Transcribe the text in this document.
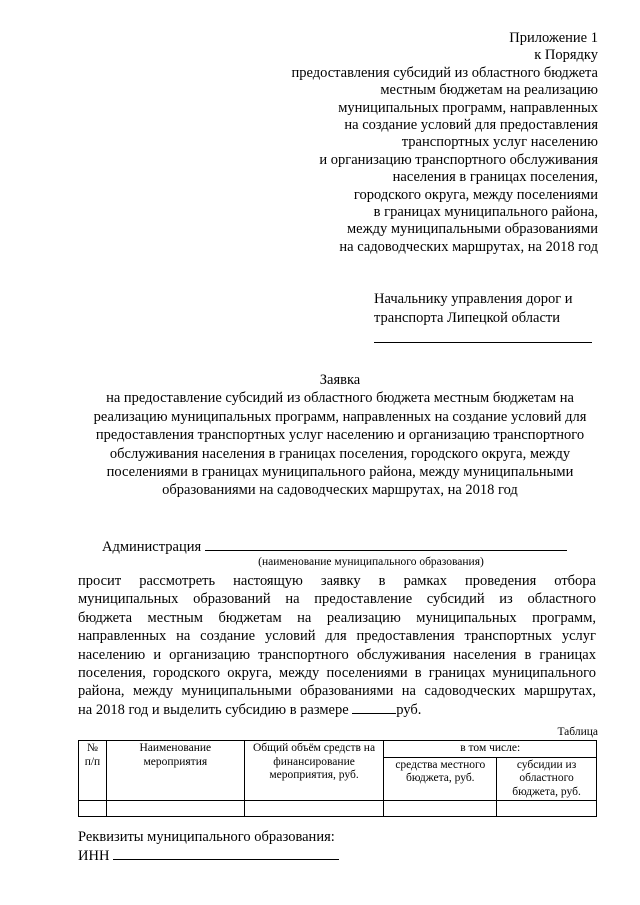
Приложение 1
к Порядку
предоставления субсидий из областного бюджета
местным бюджетам на реализацию
муниципальных программ, направленных
на создание условий для предоставления
транспортных услуг населению
и организацию транспортного обслуживания
населения в границах поселения,
городского округа, между поселениями
в границах муниципального района,
между муниципальными образованиями
на садоводческих маршрутах, на 2018 год
Начальнику управления дорог и
транспорта Липецкой области
Заявка
на предоставление субсидий из областного бюджета местным бюджетам на
реализацию муниципальных программ, направленных на создание условий для
предоставления транспортных услуг населению и организацию транспортного
обслуживания населения в границах поселения, городского округа, между
поселениями в границах муниципального района, между муниципальными
образованиями на садоводческих маршрутах, на 2018 год
Администрация
(наименование муниципального образования)
просит рассмотреть настоящую заявку в рамках проведения отбора
муниципальных образований на предоставление субсидий из областного
бюджета местным бюджетам на реализацию муниципальных программ,
направленных на создание условий для предоставления транспортных услуг
населению и организацию транспортного обслуживания населения в границах
поселения, городского округа, между поселениями в границах муниципального
района, между муниципальными образованиями на садоводческих маршрутах,
на 2018 год и выделить субсидию в размере	руб.
Таблица
№ п/п	Наименование мероприятия	Общий объём средств на финансирование мероприятия, руб.	в том числе:	
			средства местного бюджета, руб.	субсидии из областного бюджета, руб.

Реквизиты муниципального образования:
ИНН
